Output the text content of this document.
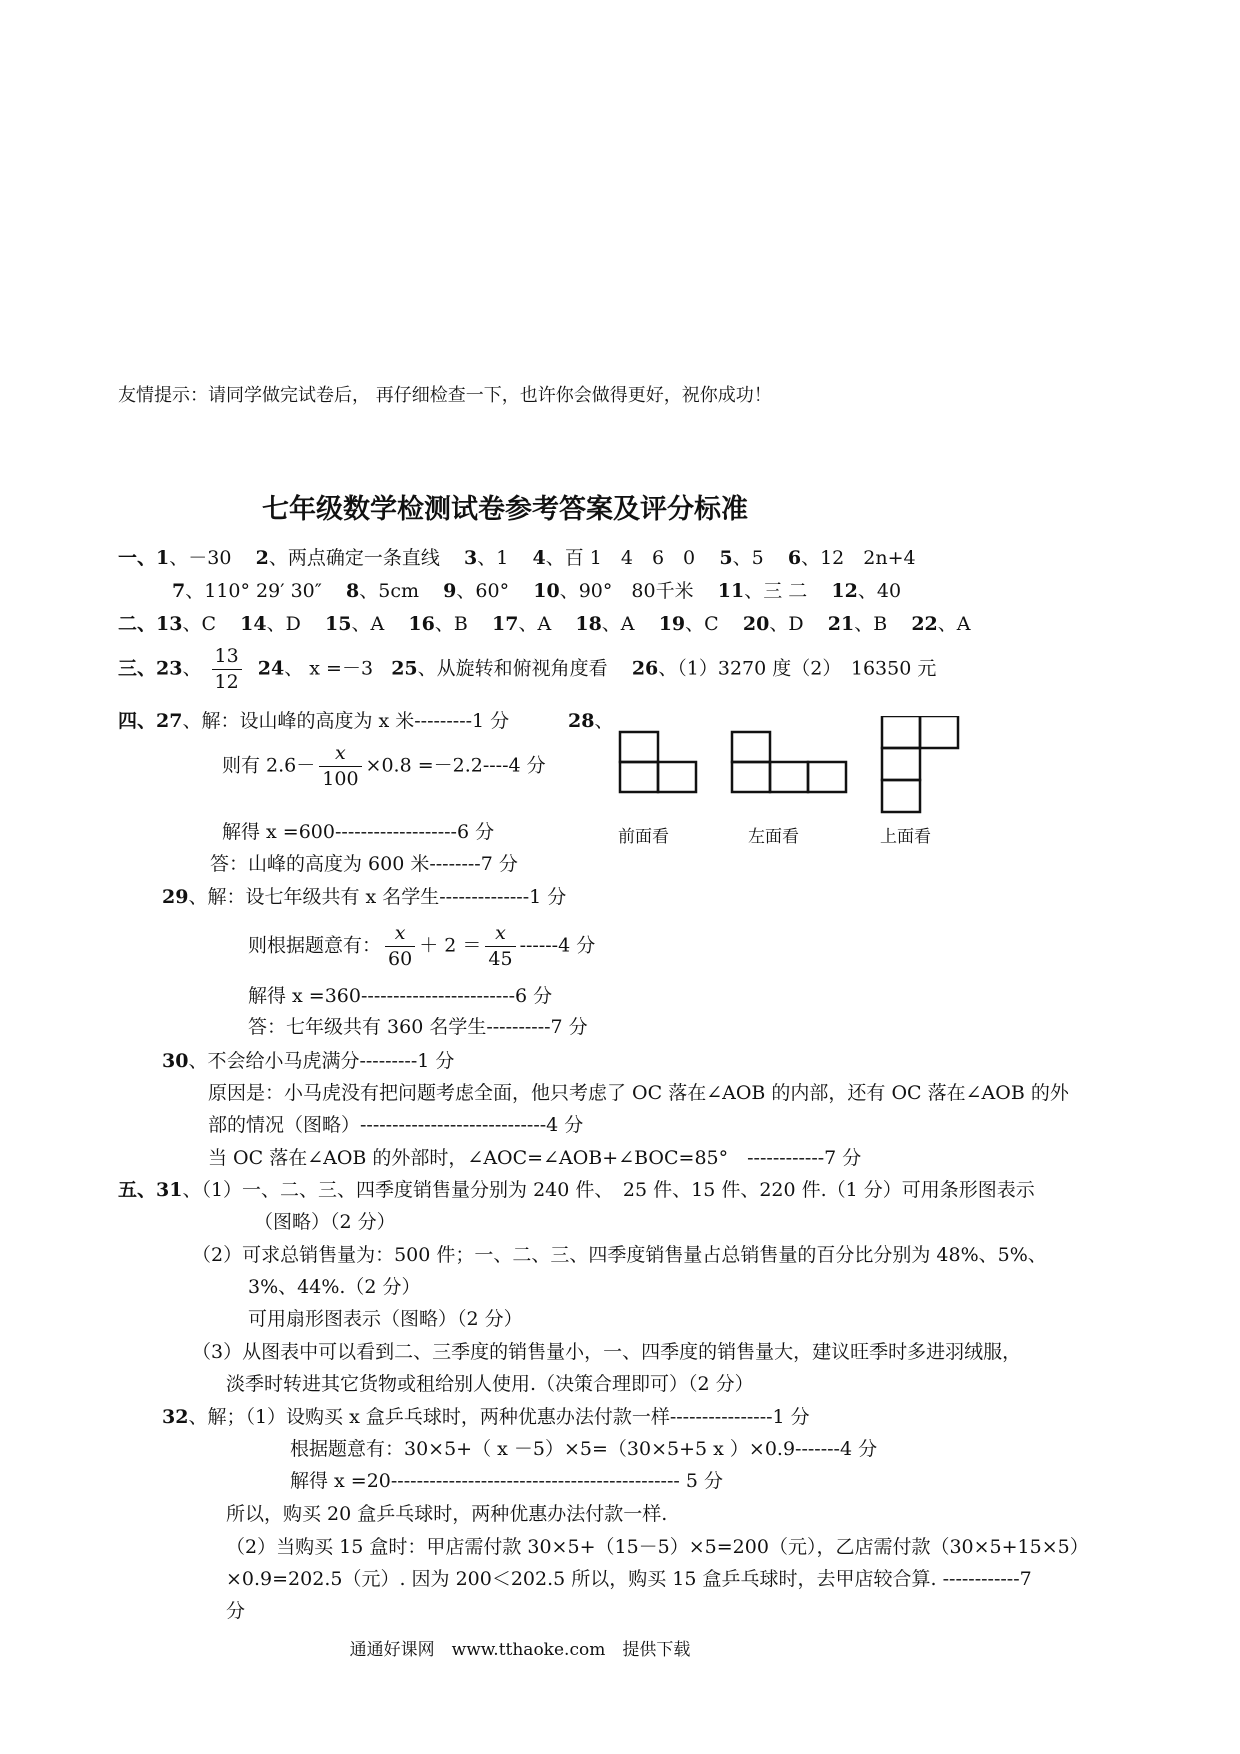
友情提示：请同学做完试卷后， 再仔细检查一下，也许你会做得更好，祝你成功！
七年级数学检测试卷参考答案及评分标准
一、1、－30 2、两点确定一条直线 3、1 4、百 1　4　6　0 5、5 6、12　2n+4
7、110° 29′ 30″ 8、5cm 9、60° 10、90°　80千米 11、三 二 12、40
二、13、C 14、D 15、A 16、B 17、A 18、A 19、C 20、D 21、B 22、A
三、23、 $\frac{13}{12} 24$、 x =－3 25、从旋转和俯视角度看 26、（1）3270 度（2）　16350 元
四、27、解：设山峰的高度为 x 米---------1 分
则有 $2.6- \frac{x}{100} \times 0.8 =-2.2----4$ 分
解得 x =600-------------------6 分
答：山峰的高度为 600 米--------7 分
28、
前面看	左面看	上面看
29、解：设七年级共有 x 名学生--------------1 分
则根据题意有： $\frac{x}{60} + 2 = \frac{x}{45} ------4$ 分
解得 x =360------------------------6 分
答：七年级共有 360 名学生----------7 分
30、不会给小马虎满分---------1 分
原因是：小马虎没有把问题考虑全面，他只考虑了 OC 落在∠AOB 的内部，还有 OC 落在∠AOB 的外
部的情况（图略）-----------------------------4 分
当 OC 落在∠AOB 的外部时，∠AOC=∠AOB+∠BOC=85°　------------7 分
五、31、（1）一、二、三、四季度销售量分别为 240 件、　25 件、15 件、220 件.（1 分）可用条形图表示
（图略）（2 分）
（2）可求总销售量为：500 件；一、二、三、四季度销售量占总销售量的百分比分别为 48%、5%、
3%、44%.（2 分）
可用扇形图表示（图略）（2 分）
（3）从图表中可以看到二、三季度的销售量小，一、四季度的销售量大，建议旺季时多进羽绒服，
淡季时转进其它货物或租给别人使用.（决策合理即可）（2 分）
32、解；（1）设购买 x 盒乒乓球时，两种优惠办法付款一样----------------1 分
根据题意有：30×5+（ x －5）×5=（30×5+5 x ）×0.9-------4 分
解得 x =20--------------------------------------------- 5 分
所以，购买 20 盒乒乓球时，两种优惠办法付款一样.
（2）当购买 15 盒时：甲店需付款 30×5+（15－5）×5=200（元），乙店需付款（30×5+15×5）
×0.9=202.5（元）. 因为 200＜202.5 所以，购买 15 盒乒乓球时，去甲店较合算. ------------7
分
通通好课网　www.tthaoke.com　提供下载
